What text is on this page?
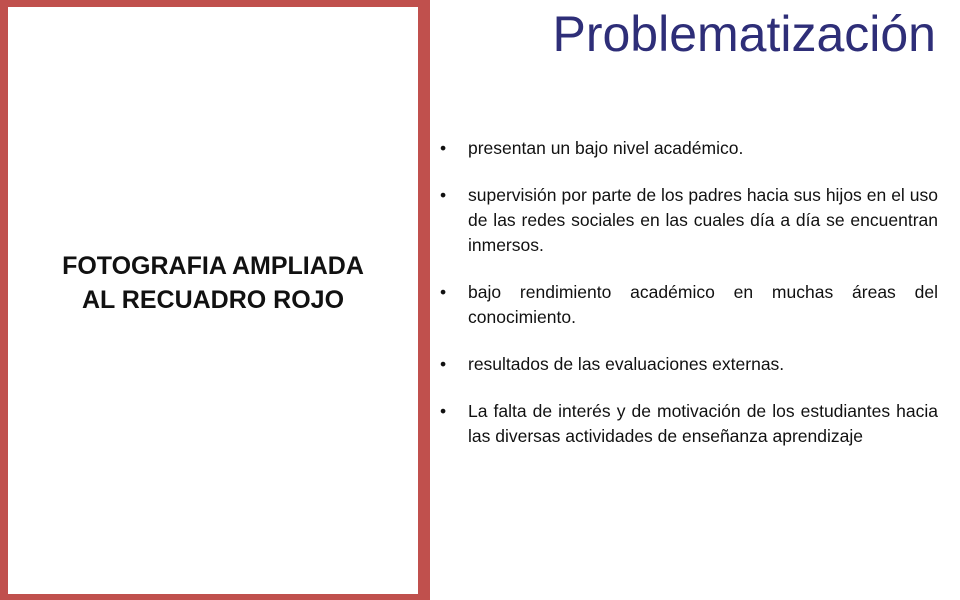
FOTOGRAFIA AMPLIADA AL RECUADRO ROJO
Problematización
• presentan un bajo nivel académico.
• supervisión por parte de los padres hacia sus hijos en el uso de las redes sociales en las cuales día a día se encuentran inmersos.
• bajo rendimiento académico en muchas áreas del conocimiento.
• resultados de las evaluaciones externas.
• La falta de interés y de motivación de los estudiantes hacia las diversas actividades de enseñanza aprendizaje
